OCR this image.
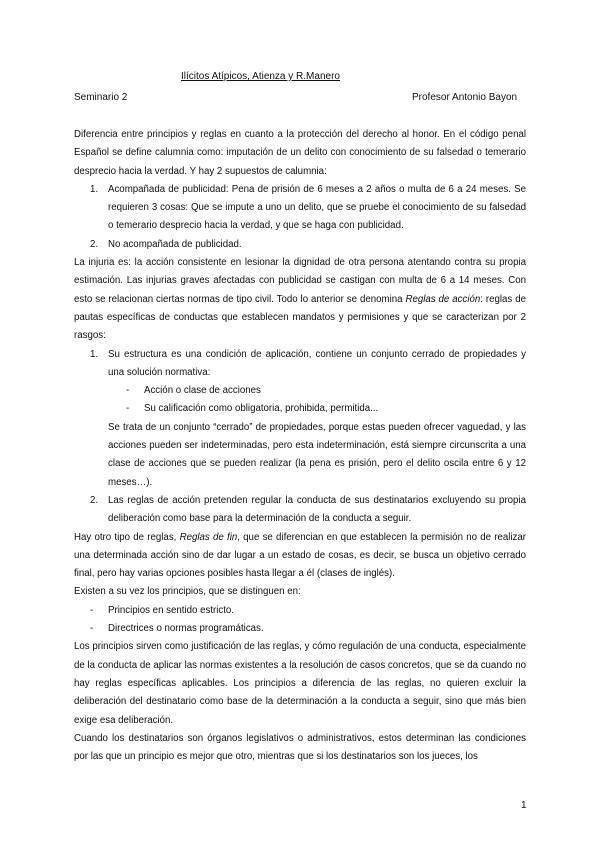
Ilícitos Atípicos, Atienza y R.Manero
Seminario 2	Profesor Antonio Bayon

Diferencia entre principios y reglas en cuanto a la protección del derecho al honor. En el código penal Español se define calumnia como: imputación de un delito con conocimiento de su falsedad o temerario desprecio hacia la verdad. Y hay 2 supuestos de calumnia:

1. Acompañada de publicidad: Pena de prisión de 6 meses a 2 años o multa de 6 a 24 meses. Se requieren 3 cosas: Que se impute a uno un delito, que se pruebe el conocimiento de su falsedad o temerario desprecio hacia la verdad, y que se haga con publicidad.
2. No acompañada de publicidad.

La injuria es: la acción consistente en lesionar la dignidad de otra persona atentando contra su propia estimación. Las injurias graves afectadas con publicidad se castigan con multa de 6 a 14 meses. Con esto se relacionan ciertas normas de tipo civil. Todo lo anterior se denomina Reglas de acción: reglas de pautas específicas de conductas que establecen mandatos y permisiones y que se caracterizan por 2 rasgos:

1. Su estructura es una condición de aplicación, contiene un conjunto cerrado de propiedades y una solución normativa:
- Acción o clase de acciones
- Su calificación como obligatoria, prohibida, permitida...
Se trata de un conjunto “cerrado” de propiedades, porque estas pueden ofrecer vaguedad, y las acciones pueden ser indeterminadas, pero esta indeterminación, está siempre circunscrita a una clase de acciones que se pueden realizar (la pena es prisión, pero el delito oscila entre 6 y 12 meses…).
2. Las reglas de acción pretenden regular la conducta de sus destinatarios excluyendo su propia deliberación como base para la determinación de la conducta a seguir.

Hay otro tipo de reglas, Reglas de fin, que se diferencian en que establecen la permisión no de realizar una determinada acción sino de dar lugar a un estado de cosas, es decir, se busca un objetivo cerrado final, pero hay varias opciones posibles hasta llegar a él (clases de inglés).

Existen a su vez los principios, que se distinguen en:

- Principios en sentido estricto.
- Directrices o normas programáticas.

Los principios sirven como justificación de las reglas, y cómo regulación de una conducta, especialmente de la conducta de aplicar las normas existentes a la resolución de casos concretos, que se da cuando no hay reglas específicas aplicables. Los principios a diferencia de las reglas, no quieren excluir la deliberación del destinatario como base de la determinación a la conducta a seguir, sino que más bien exige esa deliberación.

Cuando los destinatarios son órganos legislativos o administrativos, estos determinan las condiciones por las que un principio es mejor que otro, mientras que si los destinatarios son los jueces, los

1
